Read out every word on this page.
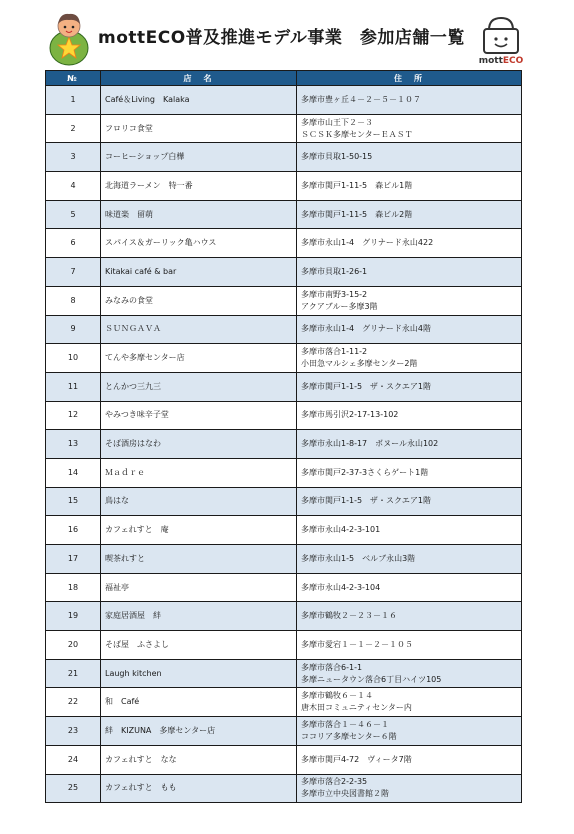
mottECO普及推進モデル事業　参加店舗一覧
mottECO
№	店　名	住　所
1	Café＆Living　Kalaka	多摩市豊ヶ丘４－２－５－１０７

2	フロリコ食堂	多摩市山王下２－３
ＳＣＳＫ多摩センターＥＡＳＴ

3	コーヒーショップ白樺	多摩市貝取1-50-15

4	北海道ラーメン　特一番	多摩市関戸1-11-5　森ビル1階

5	味道楽　留萌	多摩市関戸1-11-5　森ビル2階

6	スパイス＆ガーリック亀ハウス	多摩市永山1-4　グリナード永山422

7	Kitakai café & bar	多摩市貝取1-26-1

8	みなみの食堂	多摩市南野3-15-2
アクアブルー多摩3階

9	ＳＵＮＧＡＶＡ	多摩市永山1-4　グリナード永山4階

10	てんや多摩センター店	多摩市落合1-11-2
小田急マルシェ多摩センター2階

11	とんかつ三九三	多摩市関戸1-1-5　ザ・スクエア1階

12	やみつき味辛子堂	多摩市馬引沢2-17-13-102

13	そば酒房はなわ	多摩市永山1-8-17　ボヌール永山102

14	Ｍａｄｒｅ	多摩市関戸2-37-3さくらゲート1階

15	鳥はな	多摩市関戸1-1-5　ザ・スクエア1階

16	カフェれすと　庵	多摩市永山4-2-3-101

17	喫茶れすと	多摩市永山1-5　ベルブ永山3階

18	福祉亭	多摩市永山4-2-3-104

19	家庭居酒屋　絆	多摩市鶴牧２－２３－１６

20	そば屋　ふさよし	多摩市愛宕１－１－２－１０５

21	Laugh kitchen	多摩市落合6-1-1
多摩ニュータウン落合6丁目ハイツ105

22	和　Café	多摩市鶴牧６－１４
唐木田コミュニティセンター内

23	絆　KIZUNA　多摩センター店	多摩市落合１－４６－１
ココリア多摩センター６階

24	カフェれすと　なな	多摩市関戸4-72　ヴィータ7階

25	カフェれすと　もも	多摩市落合2-2-35
多摩市立中央図書館２階
